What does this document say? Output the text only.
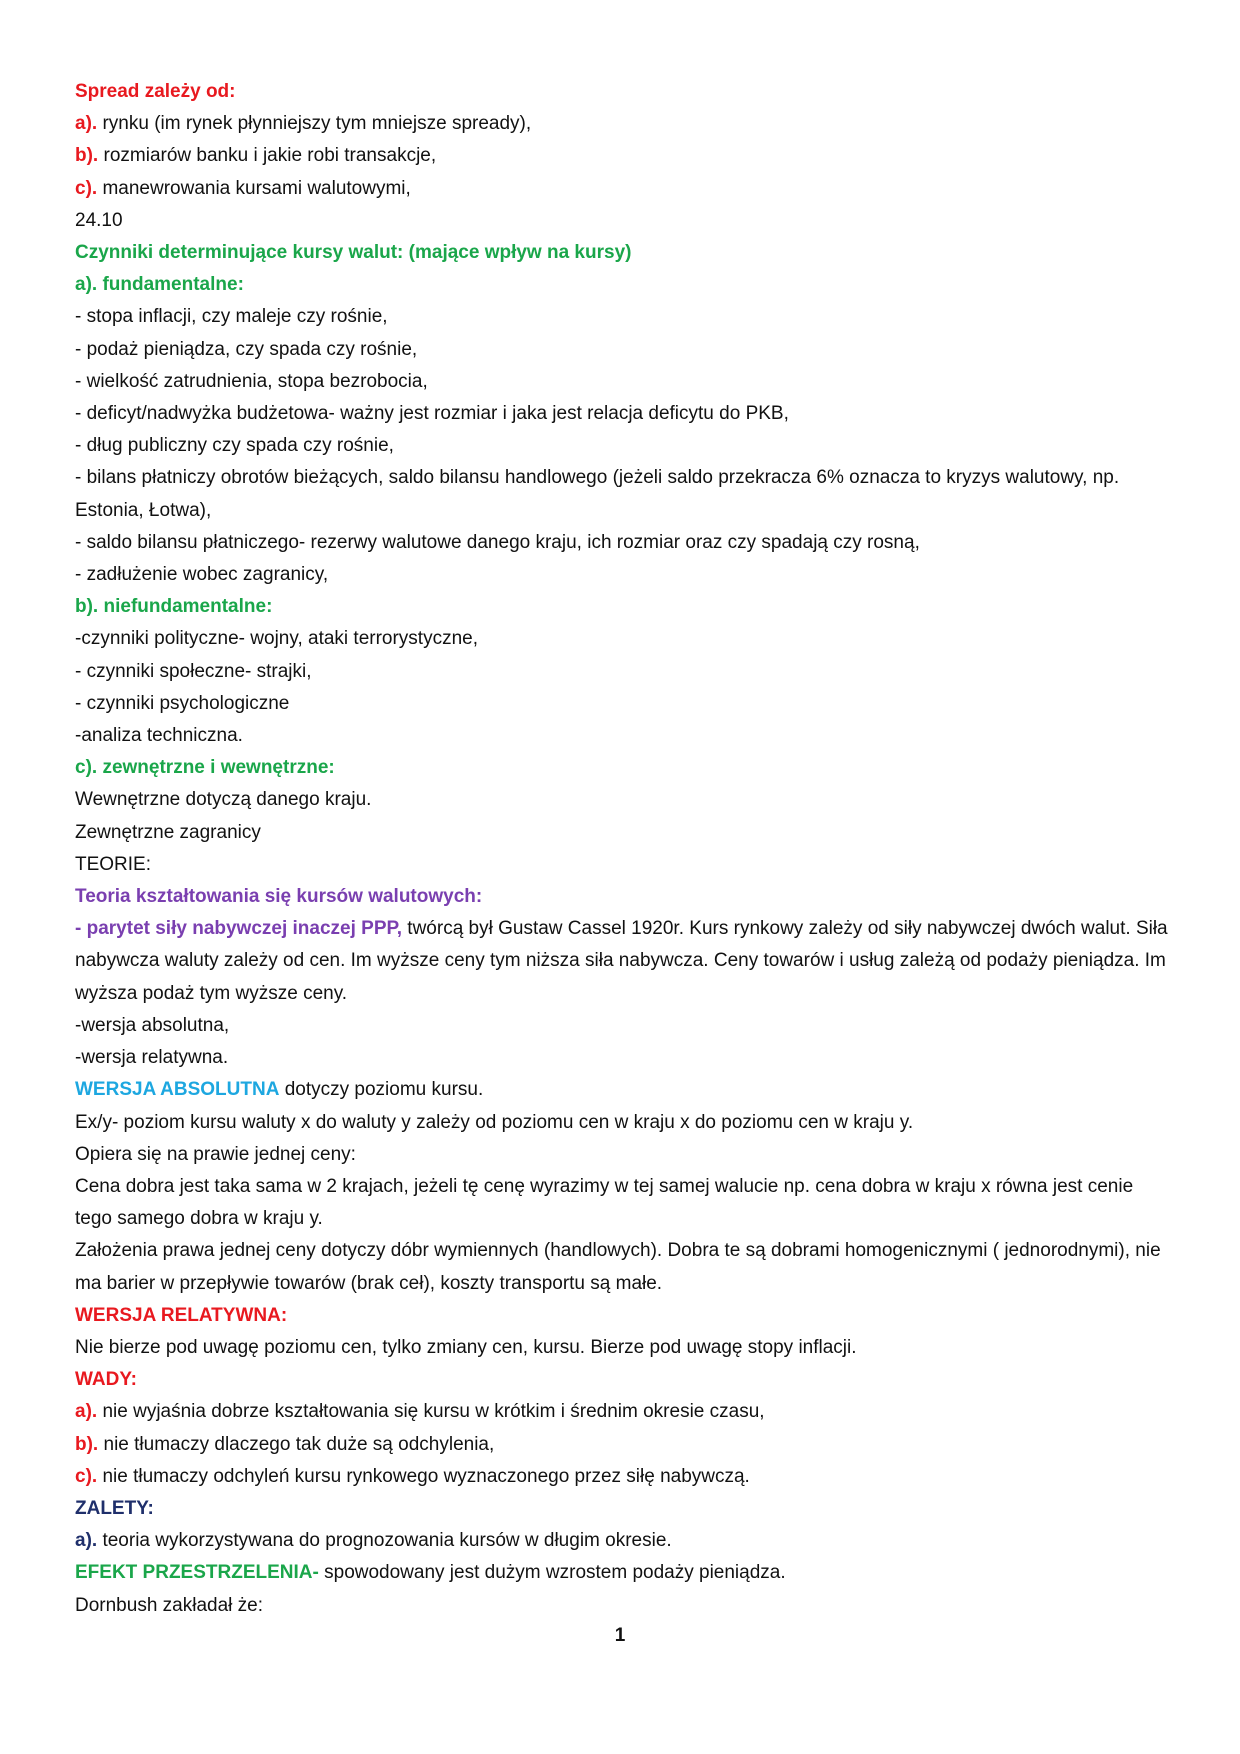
Spread zależy od:
a). rynku (im rynek płynniejszy tym mniejsze spready),
b). rozmiarów banku i jakie robi transakcje,
c). manewrowania kursami walutowymi,
24.10
Czynniki determinujące kursy walut: (mające wpływ na kursy)
a). fundamentalne:
- stopa inflacji, czy maleje czy rośnie,
- podaż pieniądza, czy spada czy rośnie,
- wielkość zatrudnienia, stopa bezrobocia,
- deficyt/nadwyżka budżetowa- ważny jest rozmiar i jaka jest relacja deficytu do PKB,
- dług publiczny czy spada czy rośnie,
- bilans płatniczy obrotów bieżących, saldo bilansu handlowego (jeżeli saldo przekracza 6% oznacza to kryzys walutowy, np. Estonia, Łotwa),
- saldo bilansu płatniczego- rezerwy walutowe danego kraju, ich rozmiar oraz czy spadają czy rosną,
- zadłużenie wobec zagranicy,
b). niefundamentalne:
-czynniki polityczne- wojny, ataki terrorystyczne,
- czynniki społeczne- strajki,
- czynniki psychologiczne
-analiza techniczna.
c). zewnętrzne i wewnętrzne:
Wewnętrzne dotyczą danego kraju.
Zewnętrzne zagranicy
TEORIE:
Teoria kształtowania się kursów walutowych:
- parytet siły nabywczej inaczej PPP, twórcą był Gustaw Cassel 1920r. Kurs rynkowy zależy od siły nabywczej dwóch walut. Siła nabywcza waluty zależy od cen. Im wyższe ceny tym niższa siła nabywcza. Ceny towarów i usług zależą od podaży pieniądza. Im wyższa podaż tym wyższe ceny.
-wersja absolutna,
-wersja relatywna.
WERSJA ABSOLUTNA dotyczy poziomu kursu.
Ex/y- poziom kursu waluty x do waluty y zależy od poziomu cen w kraju x do poziomu cen w kraju y.
Opiera się na prawie jednej ceny:
Cena dobra jest taka sama w 2 krajach, jeżeli tę cenę wyrazimy w tej samej walucie np. cena dobra w kraju x równa jest cenie tego samego dobra w kraju y.
Założenia prawa jednej ceny dotyczy dóbr wymiennych (handlowych). Dobra te są dobrami homogenicznymi ( jednorodnymi), nie ma barier w przepływie towarów (brak ceł), koszty transportu są małe.
WERSJA RELATYWNA:
Nie bierze pod uwagę poziomu cen, tylko zmiany cen, kursu. Bierze pod uwagę stopy inflacji.
WADY:
a). nie wyjaśnia dobrze kształtowania się kursu w krótkim i średnim okresie czasu,
b). nie tłumaczy dlaczego tak duże są odchylenia,
c). nie tłumaczy odchyleń kursu rynkowego wyznaczonego przez siłę nabywczą.
ZALETY:
a). teoria wykorzystywana do prognozowania kursów w długim okresie.
EFEKT PRZESTRZELENIA- spowodowany jest dużym wzrostem podaży pieniądza.
Dornbush zakładał że:
1
